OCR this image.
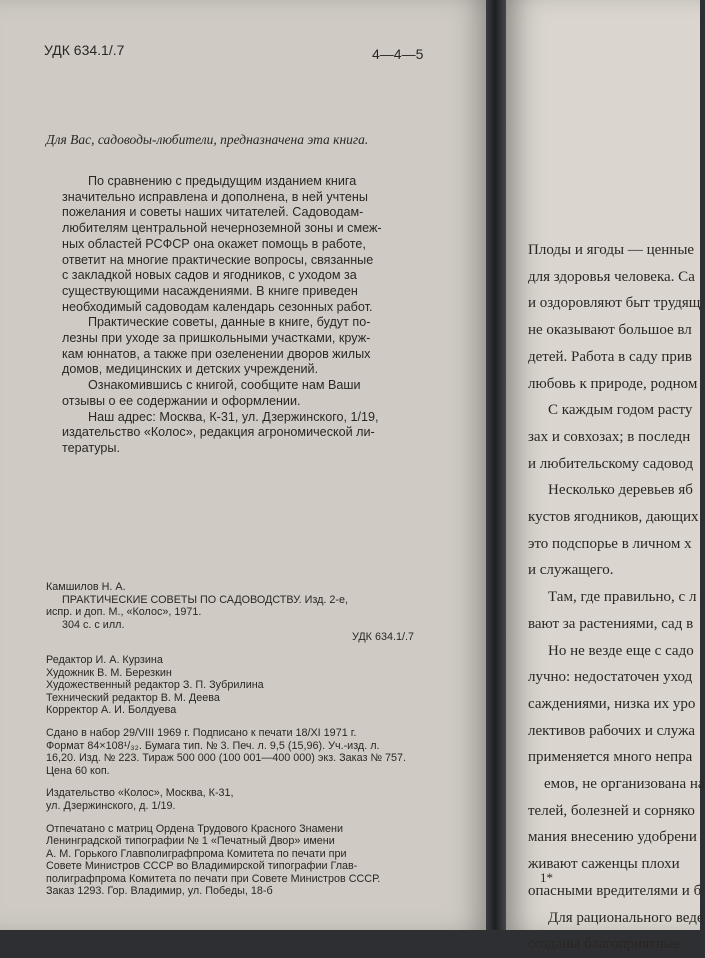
УДК 634.1/.7	4—4—5
Для Вас, садоводы-любители, предназначена эта книга.

По сравнению с предыдущим изданием книга

значительно исправлена и дополнена, в ней учтены

пожелания и советы наших читателей. Садоводам-

любителям центральной нечерноземной зоны и смеж-

ных областей РСФСР она окажет помощь в работе,

ответит на многие практические вопросы, связанные

с закладкой новых садов и ягодников, с уходом за

существующими насаждениями. В книге приведен

необходимый садоводам календарь сезонных работ.

Практические советы, данные в книге, будут по-

лезны при уходе за пришкольными участками, круж-

кам юннатов, а также при озеленении дворов жилых

домов, медицинских и детских учреждений.

Ознакомившись с книгой, сообщите нам Ваши

отзывы о ее содержании и оформлении.

Наш адрес: Москва, К-31, ул. Дзержинского, 1/19,

издательство «Колос», редакция агрономической ли-

тературы.

Камшилов Н. А.
ПРАКТИЧЕСКИЕ СОВЕТЫ ПО САДОВОДСТВУ. Изд. 2-е,
испр. и доп. М., «Колос», 1971.
304 с. с илл.
УДК 634.1/.7
Редактор И. А. Курзина
Художник В. М. Березкин
Художественный редактор З. П. Зубрилина
Технический редактор В. М. Деева
Корректор А. И. Болдуева
Сдано в набор 29/VIII 1969 г. Подписано к печати 18/XI 1971 г.
Формат 84×108¹/₃₂. Бумага тип. № 3. Печ. л. 9,5 (15,96). Уч.-изд. л.
16,20. Изд. № 223. Тираж 500 000 (100 001—400 000) экз. Заказ № 757.
Цена 60 коп.
Издательство «Колос», Москва, К-31,
ул. Дзержинского, д. 1/19.
Отпечатано с матриц Ордена Трудового Красного Знамени
Ленинградской типографии № 1 «Печатный Двор» имени
А. М. Горького Главполиграфпрома Комитета по печати при
Совете Министров СССР во Владимирской типографии Глав-
полиграфпрома Комитета по печати при Совете Министров СССР.
Заказ 1293. Гор. Владимир, ул. Победы, 18-б
Плоды и ягоды — ценные
для здоровья человека. Са
и оздоровляют быт трудящ
не оказывают большое вл
детей. Работа в саду прив
любовь к природе, родном
С каждым годом расту
зах и совхозах; в последн
и любительскому садовод
Несколько деревьев яб
кустов ягодников, дающих
это подспорье в личном х
и служащего.
Там, где правильно, с л
вают за растениями, сад в
Но не везде еще с садо
лучно: недостаточен уход
саждениями, низка их уро
лективов рабочих и служа
применяется много непра
емов, не организована на
телей, болезней и сорняко
мания внесению удобрени
живают саженцы плохи
опасными вредителями и б
Для рационального веде
созданы благоприятные
1*
